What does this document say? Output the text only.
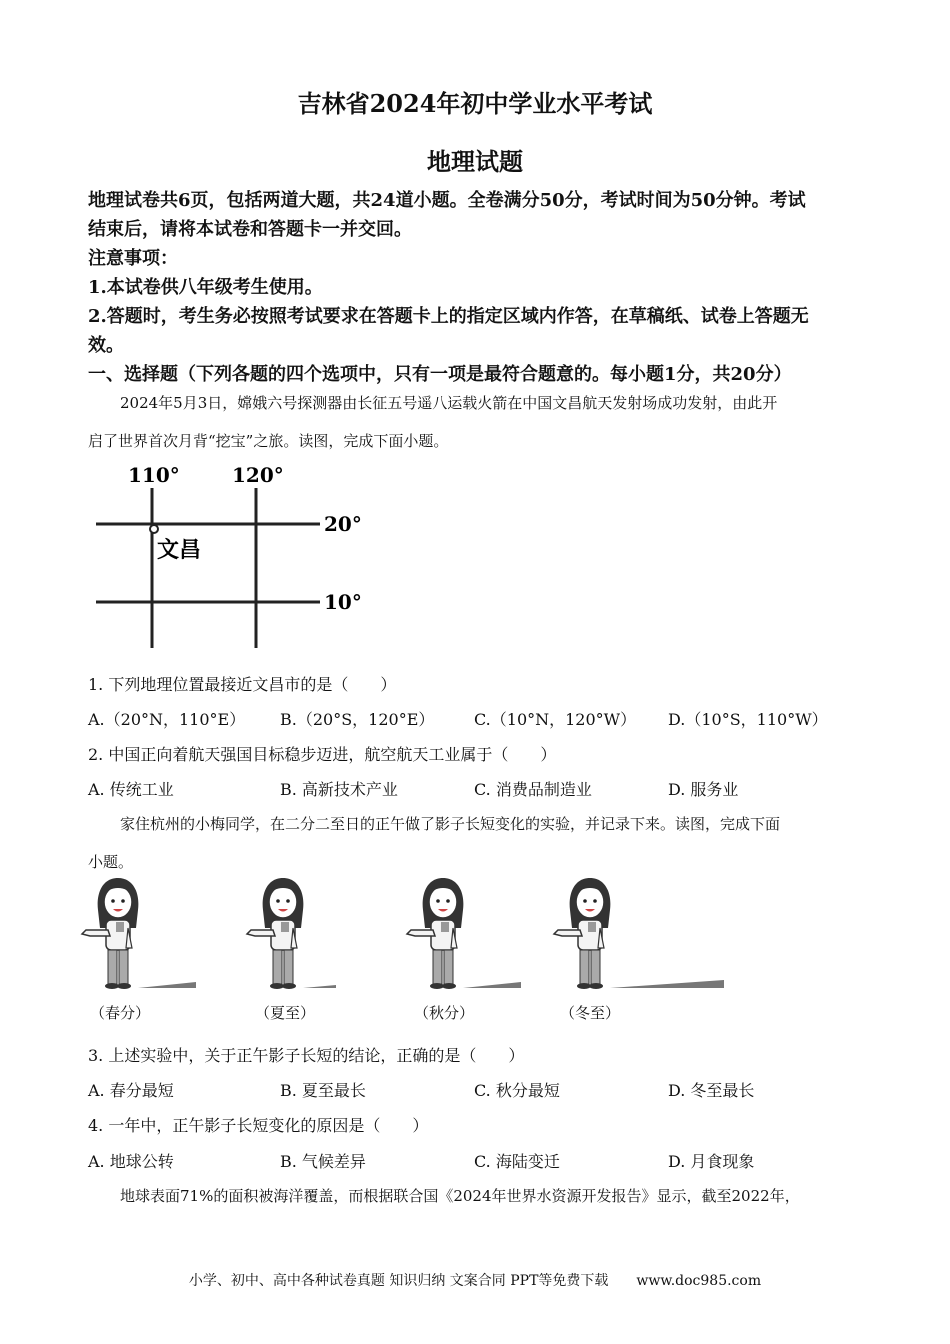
吉林省2024年初中学业水平考试
地理试题
地理试卷共6页，包括两道大题，共24道小题。全卷满分50分，考试时间为50分钟。考试
结束后，请将本试卷和答题卡一并交回。
注意事项：
1.本试卷供八年级考生使用。
2.答题时，考生务必按照考试要求在答题卡上的指定区域内作答，在草稿纸、试卷上答题无
效。
一、选择题（下列各题的四个选项中，只有一项是最符合题意的。每小题1分，共20分）
2024年5月3日，嫦娥六号探测器由长征五号遥八运载火箭在中国文昌航天发射场成功发射，由此开
启了世界首次月背“挖宝”之旅。读图，完成下面小题。
110°	120°
20°
10°
文昌
1. 下列地理位置最接近文昌市的是（　　）
A.（20°N，110°E） B.（20°S，120°E） C.（10°N，120°W） D.（10°S，110°W）
2. 中国正向着航天强国目标稳步迈进，航空航天工业属于（　　）
A. 传统工业	B. 高新技术产业	C. 消费品制造业	D. 服务业
家住杭州的小梅同学，在二分二至日的正午做了影子长短变化的实验，并记录下来。读图，完成下面
小题。
（春分）	（夏至）	（秋分）	（冬至）
3. 上述实验中，关于正午影子长短的结论，正确的是（　　）
A. 春分最短	B. 夏至最长	C. 秋分最短	D. 冬至最长
4. 一年中，正午影子长短变化的原因是（　　）
A. 地球公转	B. 气候差异	C. 海陆变迁	D. 月食现象
地球表面71%的面积被海洋覆盖，而根据联合国《2024年世界水资源开发报告》显示，截至2022年，
小学、初中、高中各种试卷真题 知识归纳 文案合同 PPT等免费下载　　www.doc985.com
